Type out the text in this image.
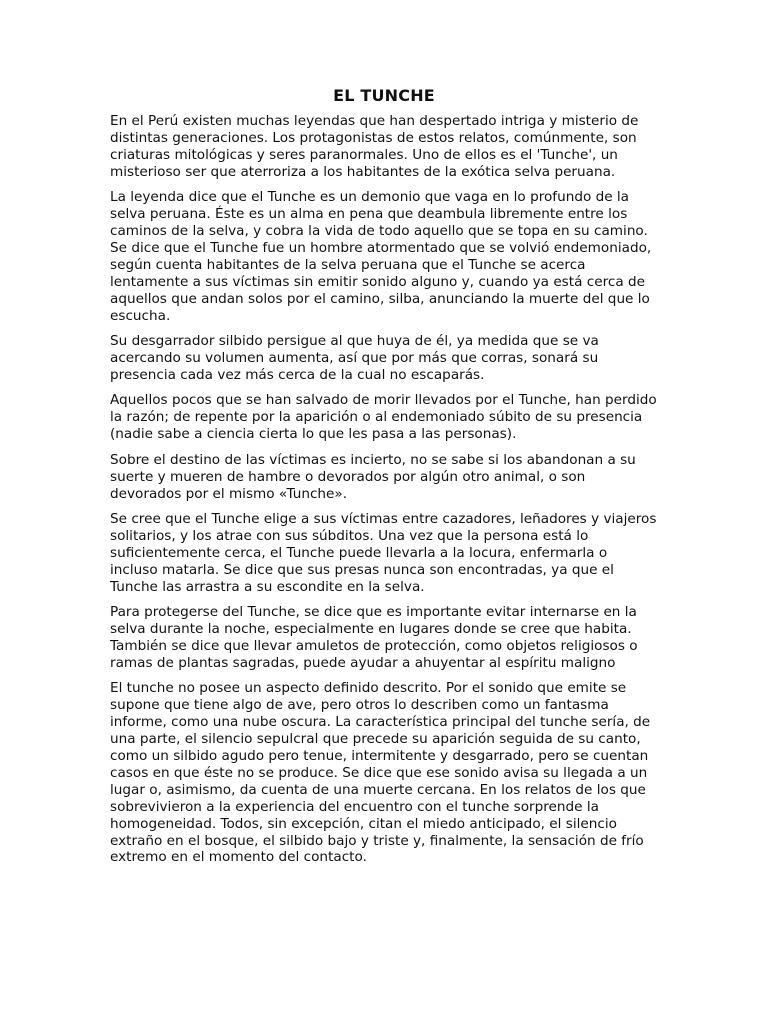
EL TUNCHE

En el Perú existen muchas leyendas que han despertado intriga y misterio de distintas generaciones. Los protagonistas de estos relatos, comúnmente, son criaturas mitológicas y seres paranormales. Uno de ellos es el 'Tunche', un misterioso ser que aterroriza a los habitantes de la exótica selva peruana.

La leyenda dice que el Tunche es un demonio que vaga en lo profundo de la selva peruana. Éste es un alma en pena que deambula libremente entre los caminos de la selva, y cobra la vida de todo aquello que se topa en su camino. Se dice que el Tunche fue un hombre atormentado que se volvió endemoniado, según cuenta habitantes de la selva peruana que el Tunche se acerca lentamente a sus víctimas sin emitir sonido alguno y, cuando ya está cerca de aquellos que andan solos por el camino, silba, anunciando la muerte del que lo escucha.

Su desgarrador silbido persigue al que huya de él, ya medida que se va acercando su volumen aumenta, así que por más que corras, sonará su presencia cada vez más cerca de la cual no escaparás.

Aquellos pocos que se han salvado de morir llevados por el Tunche, han perdido la razón; de repente por la aparición o al endemoniado súbito de su presencia (nadie sabe a ciencia cierta lo que les pasa a las personas).

Sobre el destino de las víctimas es incierto, no se sabe si los abandonan a su suerte y mueren de hambre o devorados por algún otro animal, o son devorados por el mismo «Tunche».

Se cree que el Tunche elige a sus víctimas entre cazadores, leñadores y viajeros solitarios, y los atrae con sus súbditos. Una vez que la persona está lo suficientemente cerca, el Tunche puede llevarla a la locura, enfermarla o incluso matarla. Se dice que sus presas nunca son encontradas, ya que el Tunche las arrastra a su escondite en la selva.

Para protegerse del Tunche, se dice que es importante evitar internarse en la selva durante la noche, especialmente en lugares donde se cree que habita. También se dice que llevar amuletos de protección, como objetos religiosos o ramas de plantas sagradas, puede ayudar a ahuyentar al espíritu maligno

El tunche no posee un aspecto definido descrito. Por el sonido que emite se supone que tiene algo de ave, pero otros lo describen como un fantasma informe, como una nube oscura. La característica principal del tunche sería, de una parte, el silencio sepulcral que precede su aparición seguida de su canto, como un silbido agudo pero tenue, intermitente y desgarrado, pero se cuentan casos en que éste no se produce. Se dice que ese sonido avisa su llegada a un lugar o, asimismo, da cuenta de una muerte cercana. En los relatos de los que sobrevivieron a la experiencia del encuentro con el tunche sorprende la homogeneidad. Todos, sin excepción, citan el miedo anticipado, el silencio extraño en el bosque, el silbido bajo y triste y, finalmente, la sensación de frío extremo en el momento del contacto.
